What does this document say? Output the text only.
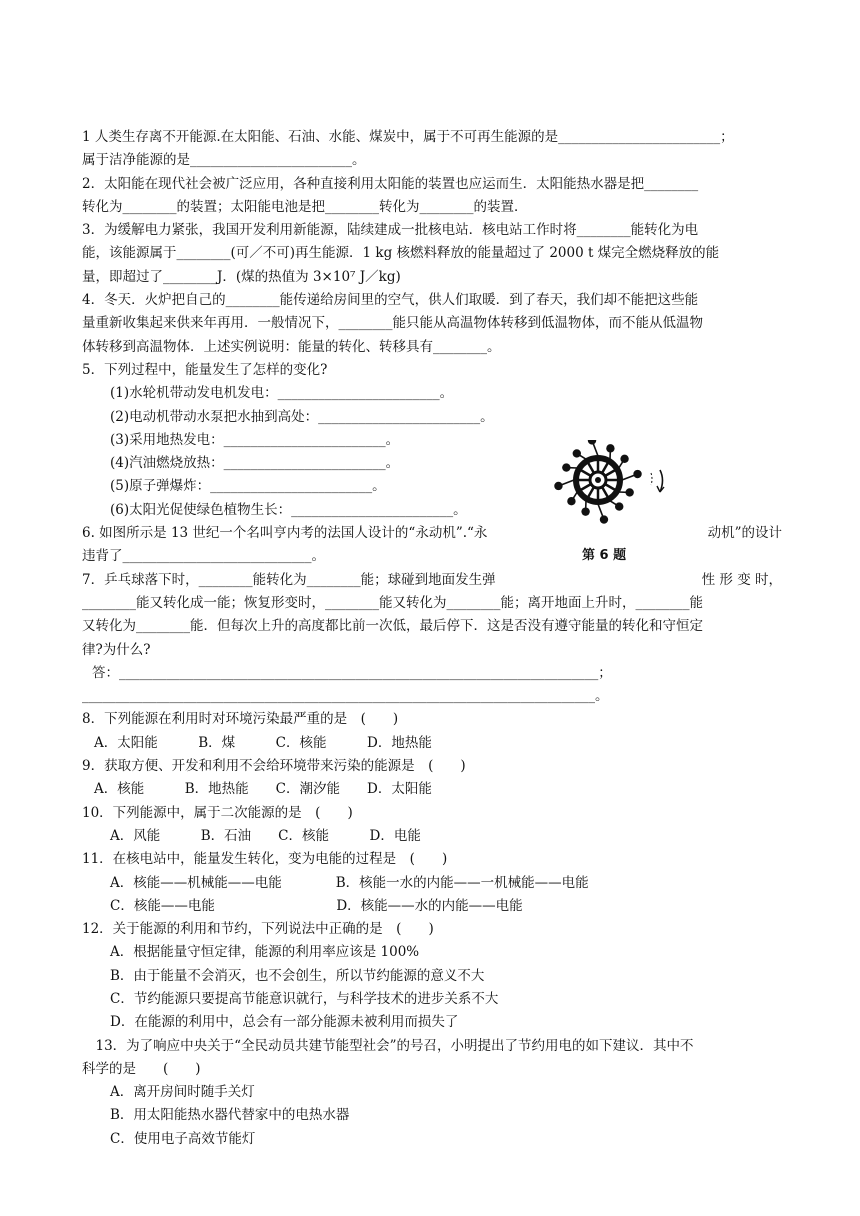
1 人类生存离不开能源.在太阳能、石油、水能、煤炭中，属于不可再生能源的是________________________；
属于洁净能源的是________________________。
2．太阳能在现代社会被广泛应用，各种直接利用太阳能的装置也应运而生．太阳能热水器是把________
转化为________的装置；太阳能电池是把________转化为________的装置．
3．为缓解电力紧张，我国开发利用新能源，陆续建成一批核电站．核电站工作时将________能转化为电
能，该能源属于________(可／不可)再生能源．1 kg 核燃料释放的能量超过了 2000 t 煤完全燃烧释放的能
量，即超过了________J．(煤的热值为 3×10⁷ J／kg)
4．冬天．火炉把自己的________能传递给房间里的空气，供人们取暖．到了春天，我们却不能把这些能
量重新收集起来供来年再用．一般情况下，________能只能从高温物体转移到低温物体，而不能从低温物
体转移到高温物体．上述实例说明：能量的转化、转移具有________。
5．下列过程中，能量发生了怎样的变化?
(1)水轮机带动发电机发电：________________________。
(2)电动机带动水泵把水抽到高处：________________________。
(3)采用地热发电：________________________。
(4)汽油燃烧放热：________________________。
(5)原子弹爆炸：________________________。
(6)太阳光促使绿色植物生长：________________________。
6. 如图所示是 13 世纪一个名叫亨内考的法国人设计的“永动机”.“永	动机”的设计
违背了____________________________。
7．乒乓球落下时，________能转化为________能；球碰到地面发生弹	性 形 变 时，
________能又转化成一能；恢复形变时，________能又转化为________能；离开地面上升时，________能
又转化为________能．但每次上升的高度都比前一次低，最后停下．这是否没有遵守能量的转化和守恒定
律?为什么?
答：_______________________________________________________________________；
____________________________________________________________________________。
8．下列能源在利用时对环境污染最严重的是　(　　)
A．太阳能　　　B．煤　　　C．核能　　　D．地热能
9．获取方便、开发和利用不会给环境带来污染的能源是　(　　)
A．核能　　　B．地热能　　C．潮汐能　　D．太阳能
10．下列能源中，属于二次能源的是　(　　)
A．风能　　　B．石油　　C．核能　　　D．电能
11．在核电站中，能量发生转化，变为电能的过程是　(　　)
A．核能——机械能——电能　　　　B．核能一水的内能——一机械能——电能
C．核能——电能　　　　　　　　　D．核能——水的内能——电能
12．关于能源的利用和节约，下列说法中正确的是　(　　)
A．根据能量守恒定律，能源的利用率应该是 100%
B．由于能量不会消灭，也不会创生，所以节约能源的意义不大
C．节约能源只要提高节能意识就行，与科学技术的进步关系不大
D．在能源的利用中，总会有一部分能源未被利用而损失了
　13．为了响应中央关于“全民动员共建节能型社会”的号召，小明提出了节约用电的如下建议．其中不
科学的是　　(　　)
A．离开房间时随手关灯
B．用太阳能热水器代替家中的电热水器
C．使用电子高效节能灯
第 6 题
